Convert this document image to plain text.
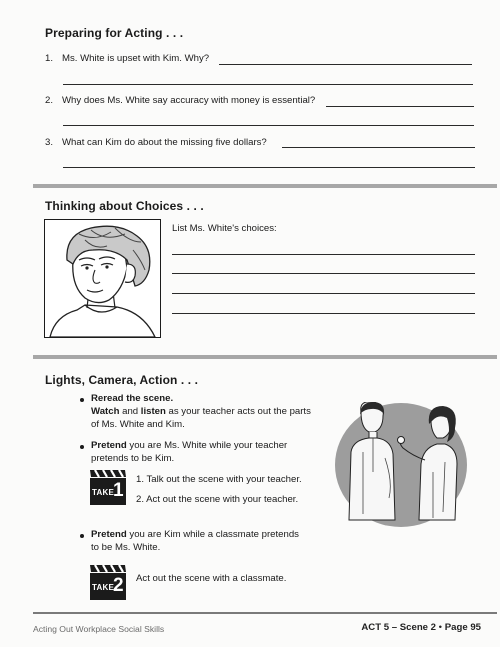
Preparing for Acting . . .
1. Ms. White is upset with Kim. Why?
2. Why does Ms. White say accuracy with money is essential?
3. What can Kim do about the missing five dollars?
Thinking about Choices . . .
List Ms. White's choices:
Lights, Camera, Action . . .
Reread the scene.
Watch and listen as your teacher acts out the parts of Ms. White and Kim.
Pretend you are Ms. White while your teacher pretends to be Kim.
TAKE 1
1. Talk out the scene with your teacher.
2. Act out the scene with your teacher.
Pretend you are Kim while a classmate pretends to be Ms. White.
TAKE 2 Act out the scene with a classmate.
Acting Out Workplace Social Skills	ACT 5 – Scene 2 • Page 95
